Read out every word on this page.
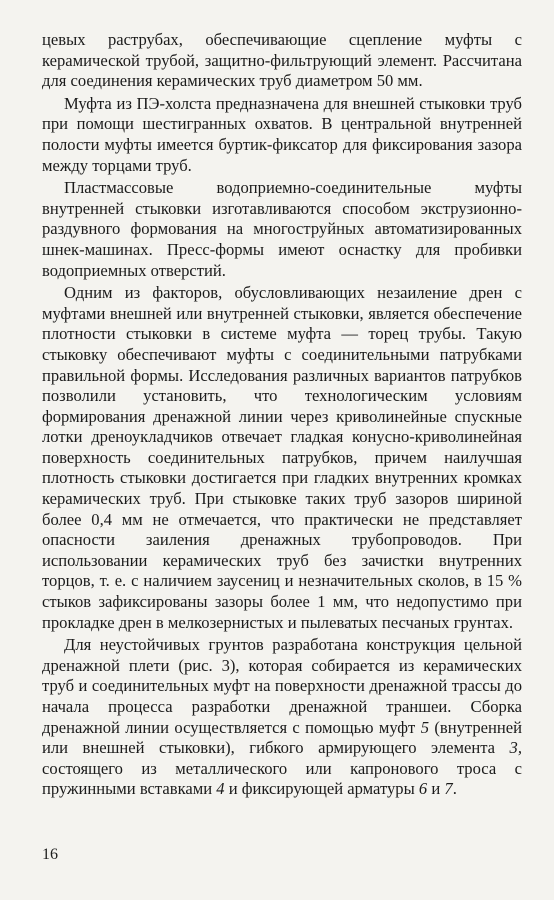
цевых раструбах, обеспечивающие сцепление муфты с керамической трубой, защитно-фильтрующий элемент. Рассчитана для соединения керамических труб диаметром 50 мм.

Муфта из ПЭ-холста предназначена для внешней стыковки труб при помощи шестигранных охватов. В центральной внутренней полости муфты имеется буртик-фиксатор для фиксирования зазора между торцами труб.

Пластмассовые водоприемно-соединительные муфты внутренней стыковки изготавливаются способом экструзионно-раздувного формования на многоструйных автоматизированных шнек-машинах. Пресс-формы имеют оснастку для пробивки водоприемных отверстий.

Одним из факторов, обусловливающих незаиление дрен с муфтами внешней или внутренней стыковки, является обеспечение плотности стыковки в системе муфта — торец трубы. Такую стыковку обеспечивают муфты с соединительными патрубками правильной формы. Исследования различных вариантов патрубков позволили установить, что технологическим условиям формирования дренажной линии через криволинейные спускные лотки дреноукладчиков отвечает гладкая конусно-криволинейная поверхность соединительных патрубков, причем наилучшая плотность стыковки достигается при гладких внутренних кромках керамических труб. При стыковке таких труб зазоров шириной более 0,4 мм не отмечается, что практически не представляет опасности заиления дренажных трубопроводов. При использовании керамических труб без зачистки внутренних торцов, т. е. с наличием заусениц и незначительных сколов, в 15 % стыков зафиксированы зазоры более 1 мм, что недопустимо при прокладке дрен в мелкозернистых и пылеватых песчаных грунтах.

Для неустойчивых грунтов разработана конструкция цельной дренажной плети (рис. 3), которая собирается из керамических труб и соединительных муфт на поверхности дренажной трассы до начала процесса разработки дренажной траншеи. Сборка дренажной линии осуществляется с помощью муфт 5 (внутренней или внешней стыковки), гибкого армирующего элемента 3, состоящего из металлического или капронового троса с пружинными вставками 4 и фиксирующей арматуры 6 и 7.

16
